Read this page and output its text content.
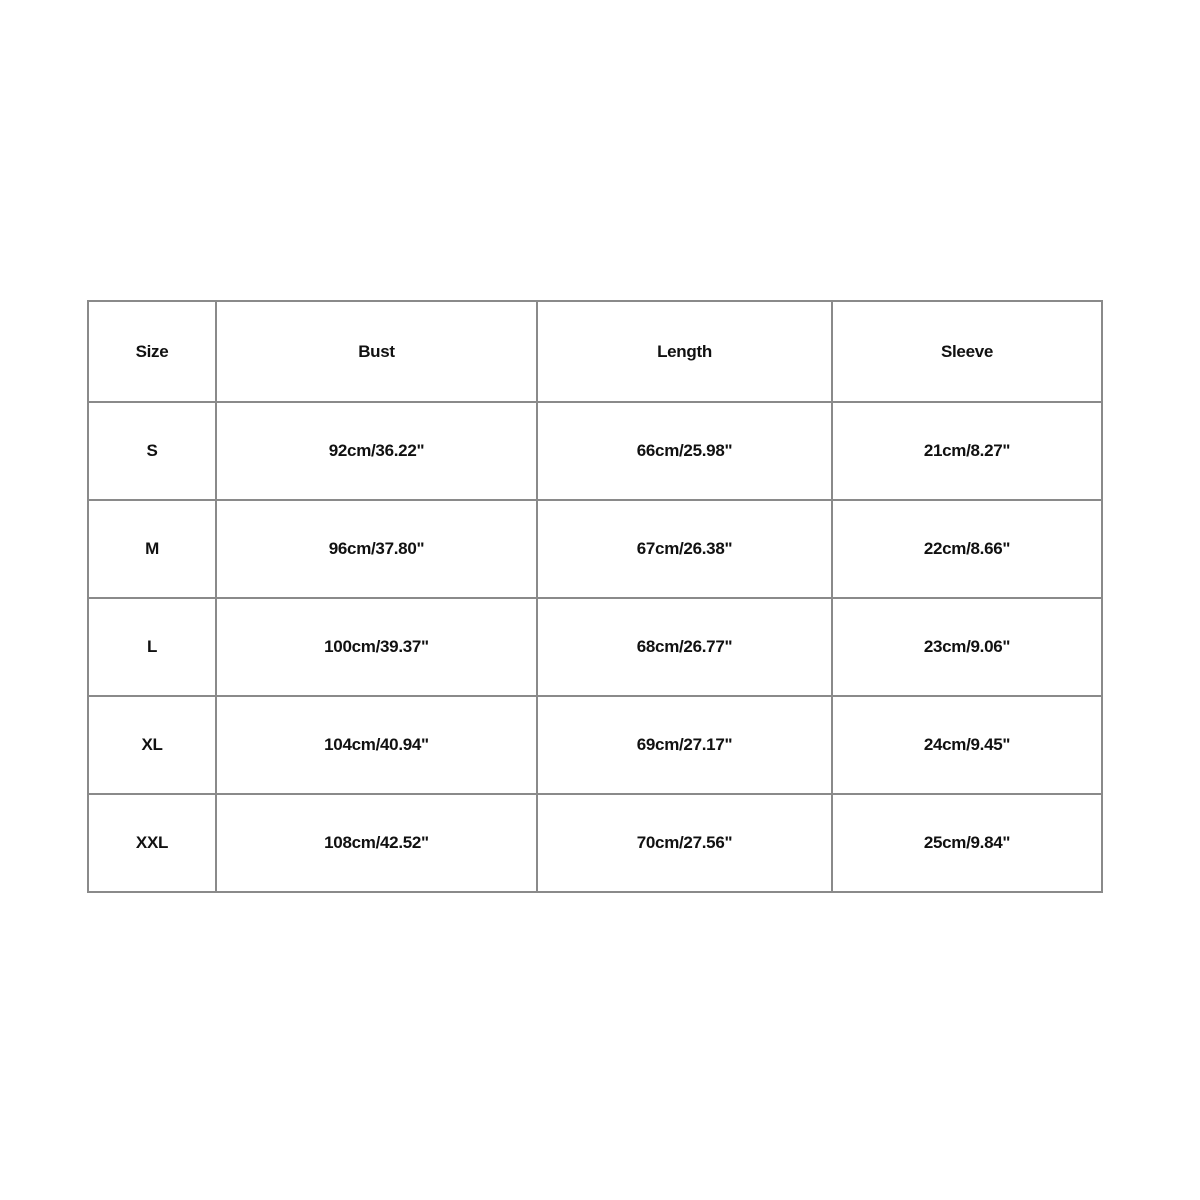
Size	Bust	Length	Sleeve
S	92cm/36.22"	66cm/25.98"	21cm/8.27"
M	96cm/37.80"	67cm/26.38"	22cm/8.66"
L	100cm/39.37"	68cm/26.77"	23cm/9.06"
XL	104cm/40.94"	69cm/27.17"	24cm/9.45"
XXL	108cm/42.52"	70cm/27.56"	25cm/9.84"
